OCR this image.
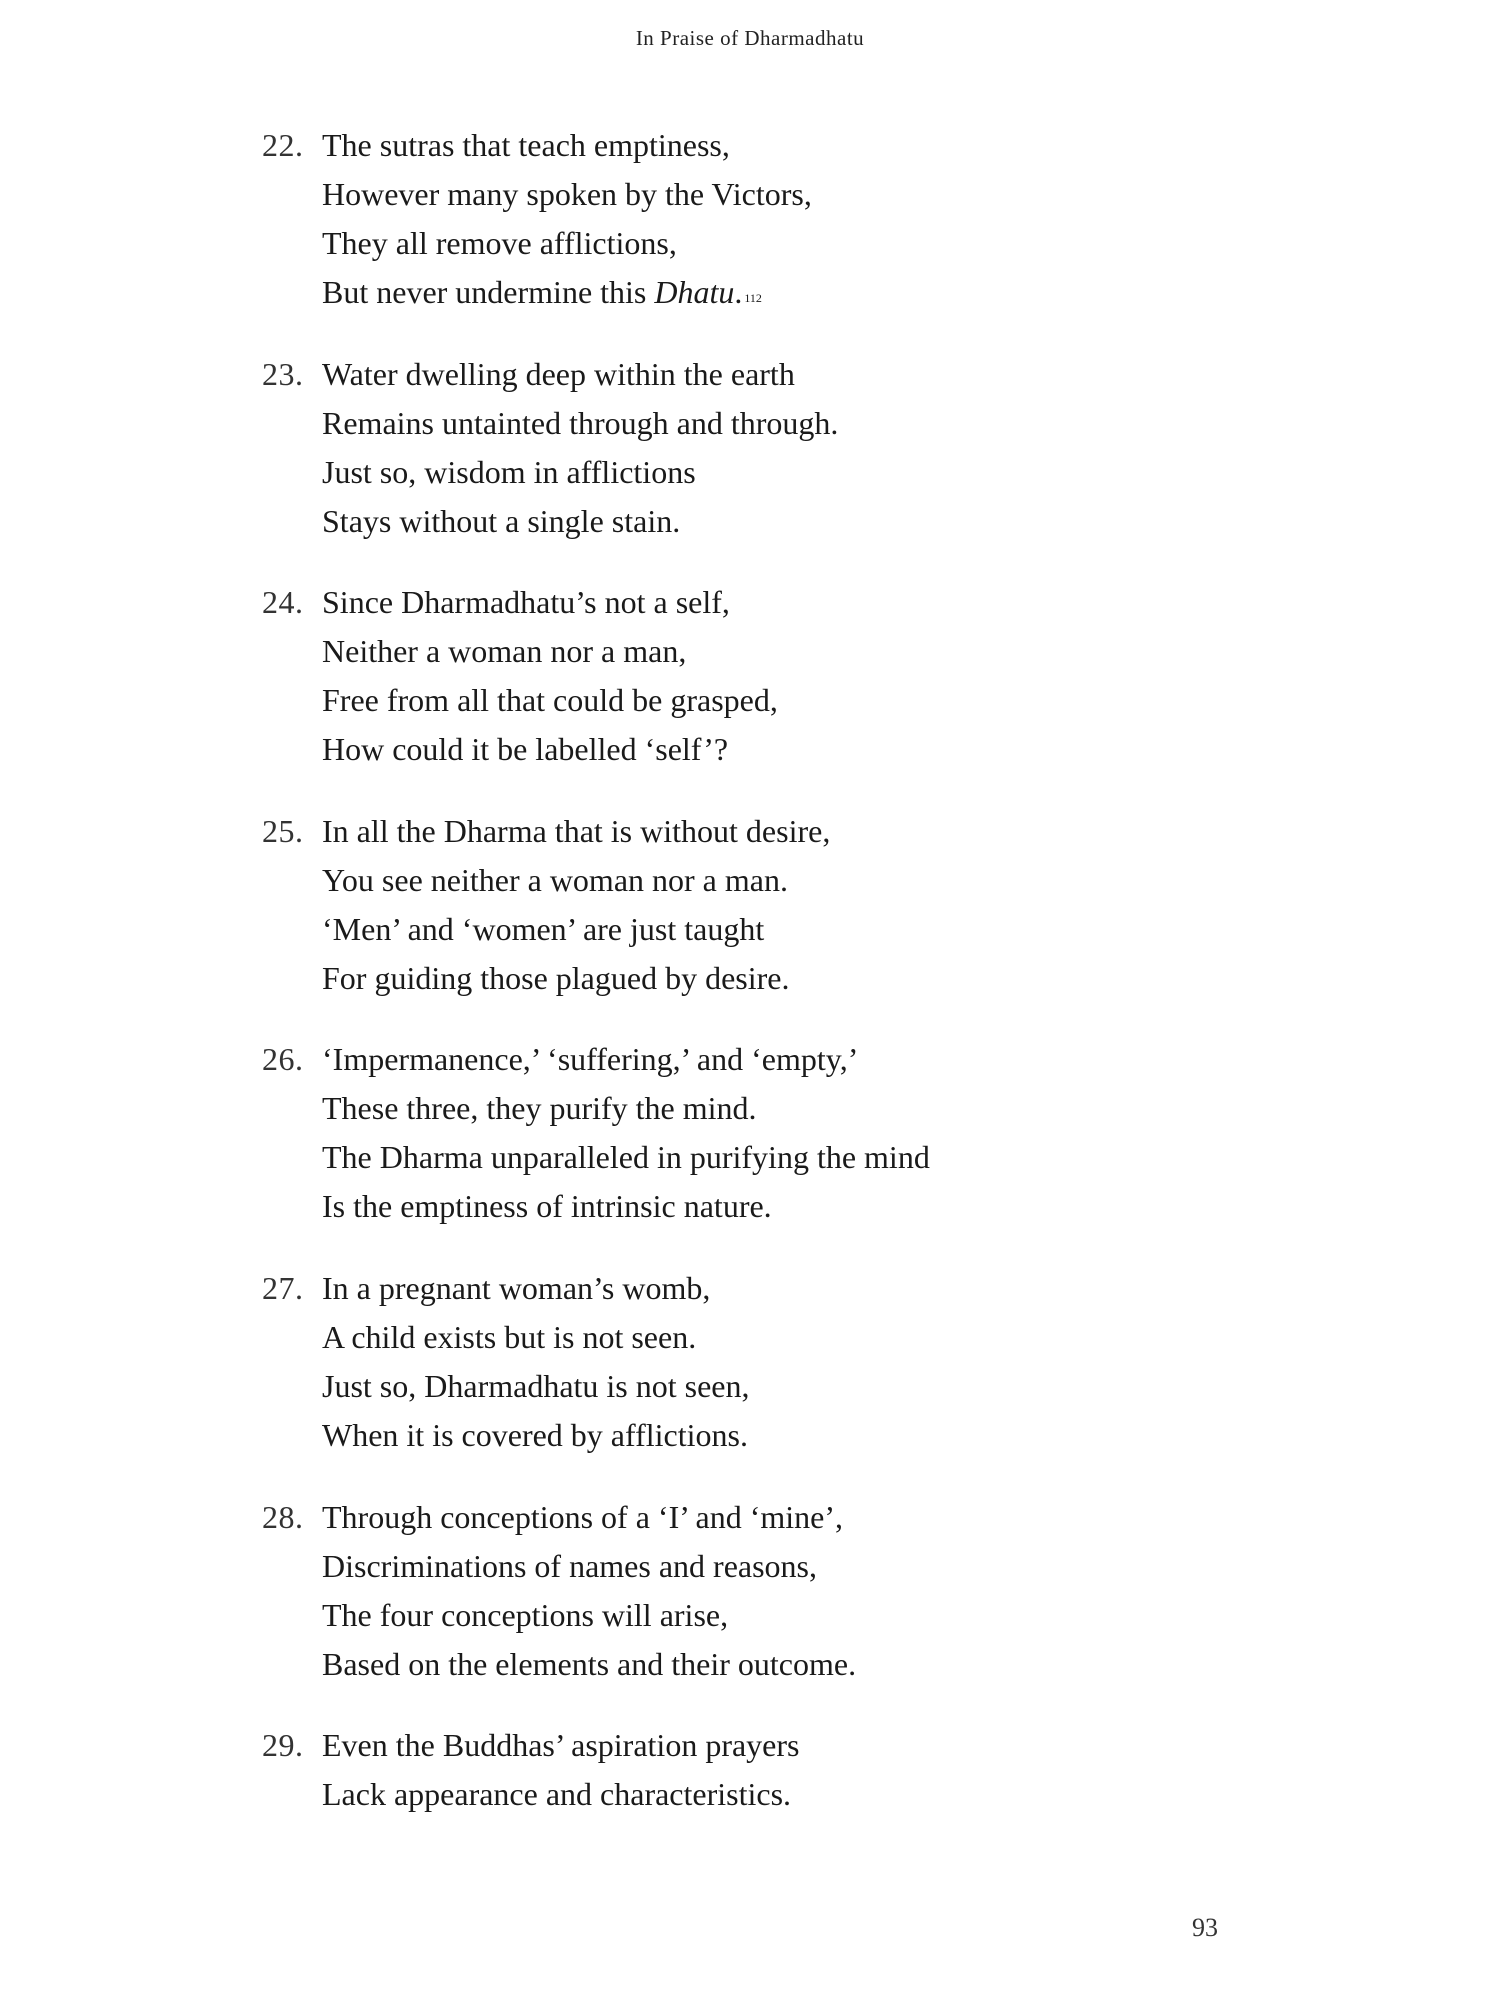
In Praise of Dharmadhatu
22. The sutras that teach emptiness,
However many spoken by the Victors,
They all remove afflictions,
But never undermine this Dhatu. $^{112}$
23. Water dwelling deep within the earth
Remains untainted through and through.
Just so, wisdom in afflictions
Stays without a single stain.
24. Since Dharmadhatu’s not a self,
Neither a woman nor a man,
Free from all that could be grasped,
How could it be labelled ‘self’?
25. In all the Dharma that is without desire,
You see neither a woman nor a man.
‘Men’ and ‘women’ are just taught
For guiding those plagued by desire.
26. ‘Impermanence,’ ‘suffering,’ and ‘empty,’
These three, they purify the mind.
The Dharma unparalleled in purifying the mind
Is the emptiness of intrinsic nature.
27. In a pregnant woman’s womb,
A child exists but is not seen.
Just so, Dharmadhatu is not seen,
When it is covered by afflictions.
28. Through conceptions of a ‘I’ and ‘mine’,
Discriminations of names and reasons,
The four conceptions will arise,
Based on the elements and their outcome.
29. Even the Buddhas’ aspiration prayers
Lack appearance and characteristics.
93
